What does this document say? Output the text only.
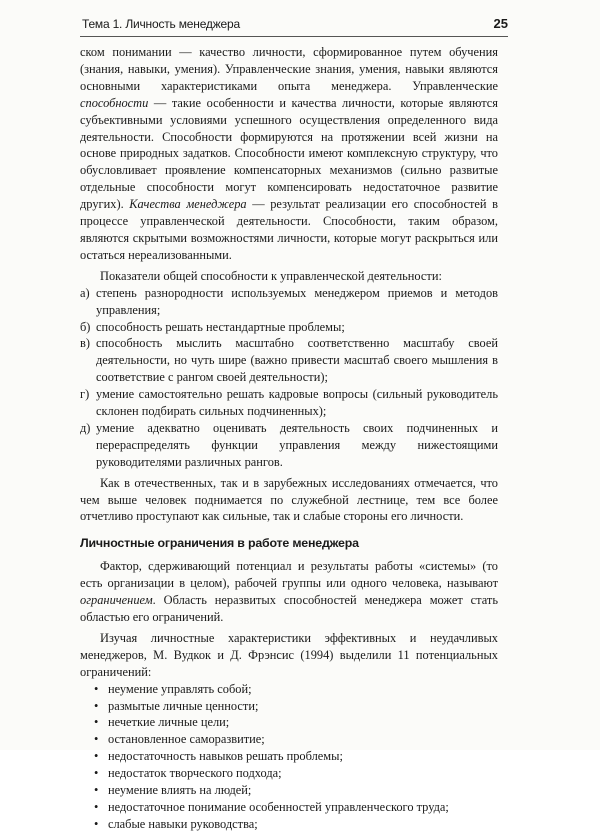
Тема 1. Личность менеджера	25

ском понимании — качество личности, сформированное путем обучения (знания, навыки, умения). Управленческие знания, умения, навыки являются основными характеристиками опыта менеджера. Управленческие способности — такие особенности и качества личности, которые являются субъективными условиями успешного осуществления определенного вида деятельности. Способности формируются на протяжении всей жизни на основе природных задатков. Способности имеют комплексную структуру, что обусловливает проявление компенсаторных механизмов (сильно развитые отдельные способности могут компенсировать недостаточное развитие других). Качества менеджера — результат реализации его способностей в процессе управленческой деятельности. Способности, таким образом, являются скрытыми возможностями личности, которые могут раскрыться или остаться нереализованными.

Показатели общей способности к управленческой деятельности:

а) степень разнородности используемых менеджером приемов и методов управления;
б) способность решать нестандартные проблемы;
в) способность мыслить масштабно соответственно масштабу своей деятельности, но чуть шире (важно привести масштаб своего мышления в соответствие с рангом своей деятельности);
г) умение самостоятельно решать кадровые вопросы (сильный руководитель склонен подбирать сильных подчиненных);
д) умение адекватно оценивать деятельность своих подчиненных и перераспределять функции управления между нижестоящими руководителями различных рангов.

Как в отечественных, так и в зарубежных исследованиях отмечается, что чем выше человек поднимается по служебной лестнице, тем все более отчетливо проступают как сильные, так и слабые стороны его личности.

Личностные ограничения в работе менеджера

Фактор, сдерживающий потенциал и результаты работы «системы» (то есть организации в целом), рабочей группы или одного человека, называют ограничением. Область неразвитых способностей менеджера может стать областью его ограничений.

Изучая личностные характеристики эффективных и неудачливых менеджеров, М. Вудкок и Д. Фрэнсис (1994) выделили 11 потенциальных ограничений:

• неумение управлять собой;
• размытые личные ценности;
• нечеткие личные цели;
• остановленное саморазвитие;
• недостаточность навыков решать проблемы;
• недостаток творческого подхода;
• неумение влиять на людей;
• недостаточное понимание особенностей управленческого труда;
• слабые навыки руководства;
